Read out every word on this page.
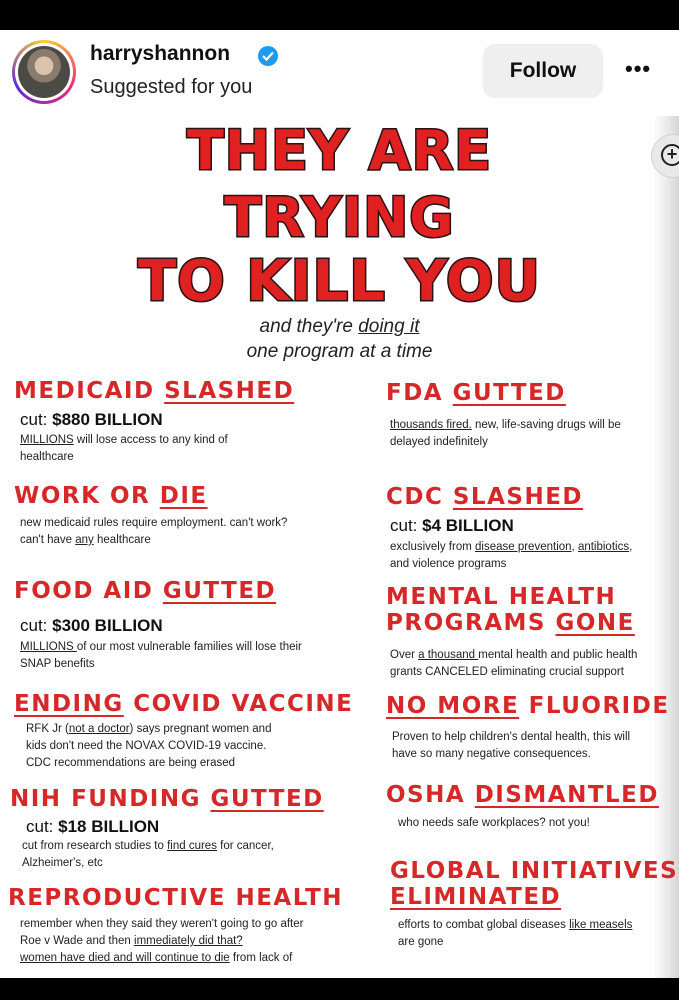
harryshannon
Suggested for you
Follow	•••
+
THEY ARE
TRYING
TO KILL YOU
and they're doing it
one program at a time
MEDICAID SLASHED
cut: $880 BILLION
MILLIONS will lose access to any kind of
healthcare
WORK OR DIE
new medicaid rules require employment. can't work?
can't have any healthcare
FOOD AID GUTTED
cut: $300 BILLION
MILLIONS of our most vulnerable families will lose their
SNAP benefits
ENDING COVID VACCINE
RFK Jr (not a doctor) says pregnant women and
kids don't need the NOVAX COVID-19 vaccine.
CDC recommendations are being erased
NIH FUNDING GUTTED
cut: $18 BILLION
cut from research studies to find cures for cancer,
Alzheimer's, etc
REPRODUCTIVE HEALTH
remember when they said they weren't going to go after
Roe v Wade and then immediately did that?
women have died and will continue to die from lack of
FDA GUTTED
thousands fired. new, life-saving drugs will be
delayed indefinitely
CDC SLASHED
cut: $4 BILLION
exclusively from disease prevention, antibiotics,
and violence programs
MENTAL HEALTH
PROGRAMS GONE
Over a thousand mental health and public health
grants CANCELED eliminating crucial support
NO MORE FLUORIDE
Proven to help children's dental health, this will
have so many negative consequences.
OSHA DISMANTLED
who needs safe workplaces? not you!
GLOBAL INITIATIVES
ELIMINATED
efforts to combat global diseases like measels
are gone
